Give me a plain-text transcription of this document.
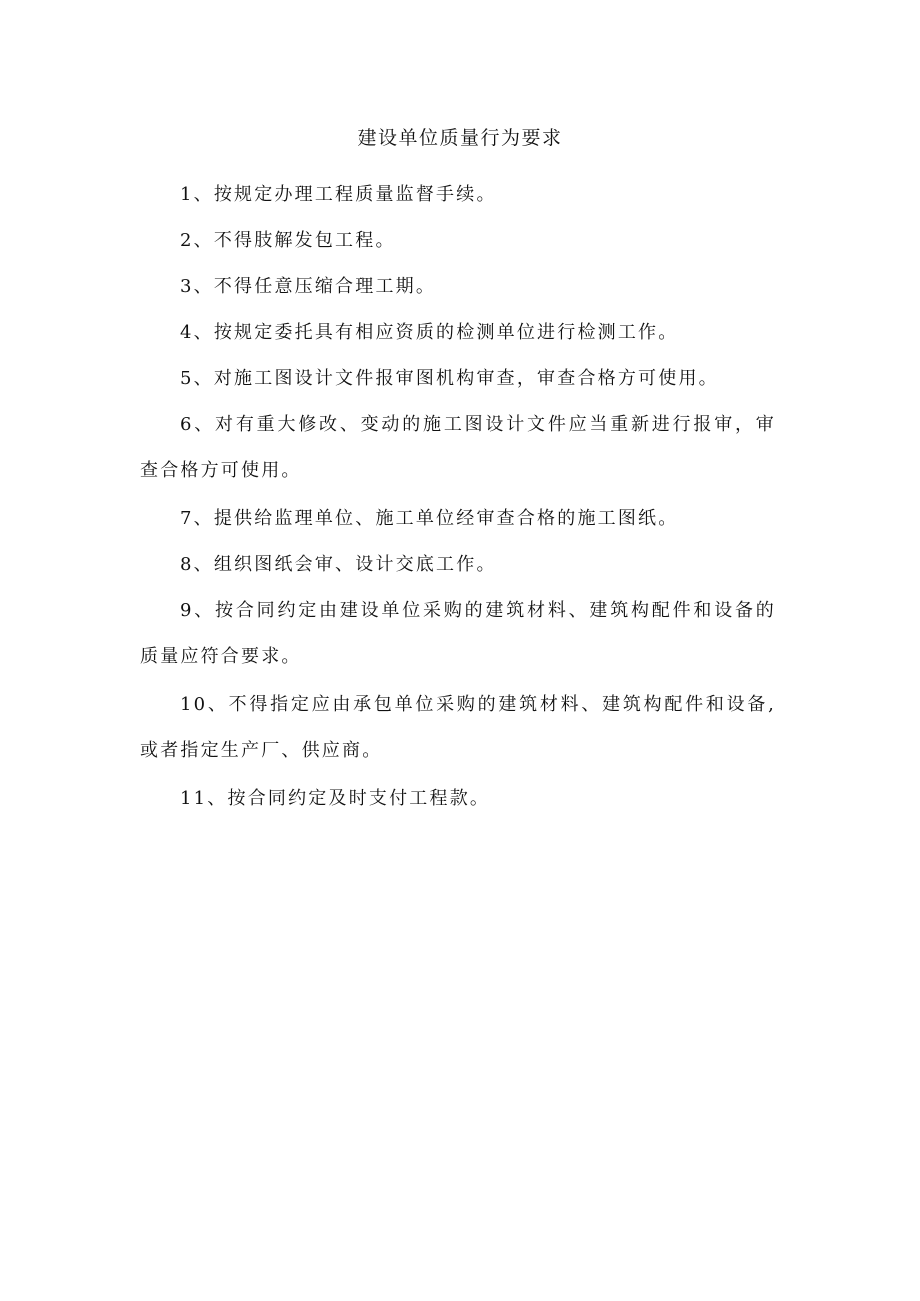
建设单位质量行为要求
1、按规定办理工程质量监督手续。
2、不得肢解发包工程。
3、不得任意压缩合理工期。
4、按规定委托具有相应资质的检测单位进行检测工作。
5、对施工图设计文件报审图机构审查，审查合格方可使用。
6、对有重大修改、变动的施工图设计文件应当重新进行报审，审查合格方可使用。
7、提供给监理单位、施工单位经审查合格的施工图纸。
8、组织图纸会审、设计交底工作。
9、按合同约定由建设单位采购的建筑材料、建筑构配件和设备的质量应符合要求。
10、不得指定应由承包单位采购的建筑材料、建筑构配件和设备,或者指定生产厂、供应商。
11、按合同约定及时支付工程款。
